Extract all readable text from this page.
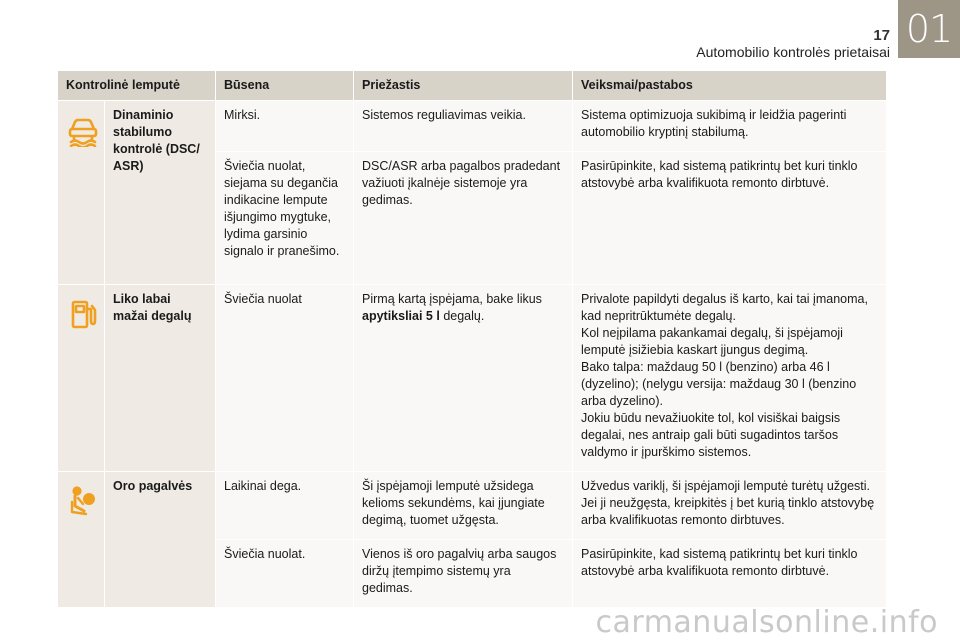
17
Automobilio kontrolės prietaisai
01
Kontrolinė lemputė		Būsena	Priežastis	Veiksmai/pastabos
	Dinaminio stabilumo kontrolė (DSC/ ASR)	Mirksi.	Sistemos reguliavimas veikia.	Sistema optimizuoja sukibimą ir leidžia pagerinti automobilio kryptinį stabilumą.
		Šviečia nuolat, siejama su degančia indikacine lempute išjungimo mygtuke, lydima garsinio signalo ir pranešimo.	DSC/ASR arba pagalbos pradedant važiuoti įkalnėje sistemoje yra gedimas.	Pasirūpinkite, kad sistemą patikrintų bet kuri tinklo atstovybė arba kvalifikuota remonto dirbtuvė.
	Liko labai mažai degalų	Šviečia nuolat	Pirmą kartą įspėjama, bake likus apytiksliai 5 l degalų.	Privalote papildyti degalus iš karto, kai tai įmanoma, kad nepritrūktumėte degalų.
Kol neįpilama pakankamai degalų, ši įspėjamoji lemputė įsižiebia kaskart įjungus degimą.
Bako talpa: maždaug 50 l (benzino) arba 46 l (dyzelino); (nelygu versija: maždaug 30 l (benzino arba dyzelino).
Jokiu būdu nevažiuokite tol, kol visiškai baigsis degalai, nes antraip gali būti sugadintos taršos valdymo ir įpurškimo sistemos.

	Oro pagalvės	Laikinai dega.	Ši įspėjamoji lemputė užsidega kelioms sekundėms, kai įjungiate degimą, tuomet užgęsta.	Užvedus variklį, ši įspėjamoji lemputė turėtų užgesti. Jei ji neužgęsta, kreipkitės į bet kurią tinklo atstovybę arba kvalifikuotas remonto dirbtuves.
		Šviečia nuolat.	Vienos iš oro pagalvių arba saugos diržų įtempimo sistemų yra gedimas.	Pasirūpinkite, kad sistemą patikrintų bet kuri tinklo atstovybė arba kvalifikuota remonto dirbtuvė.
carmanualsonline.info
